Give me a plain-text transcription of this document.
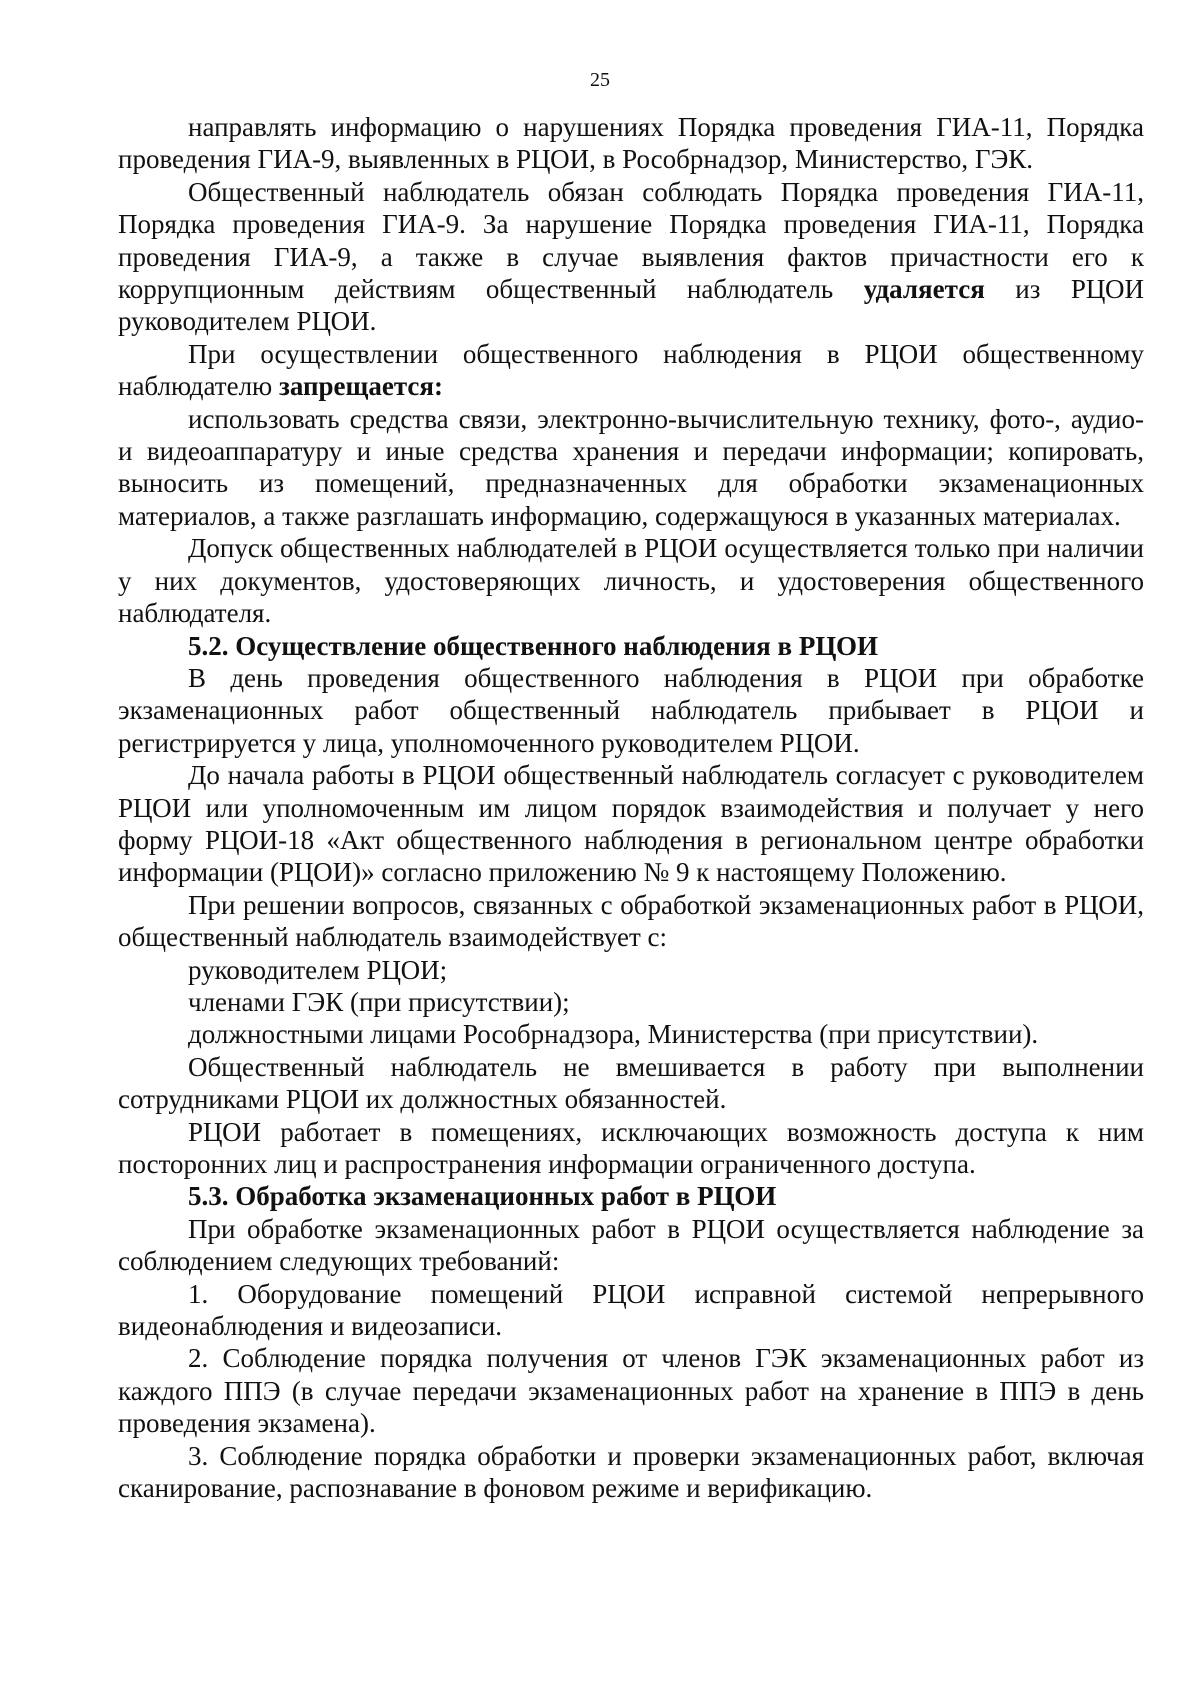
25

направлять информацию о нарушениях Порядка проведения ГИА-11, Порядка проведения ГИА-9, выявленных в РЦОИ, в Рособрнадзор, Министерство, ГЭК.

Общественный наблюдатель обязан соблюдать Порядка проведения ГИА-11, Порядка проведения ГИА-9. За нарушение Порядка проведения ГИА-11, Порядка проведения ГИА-9, а также в случае выявления фактов причастности его к коррупционным действиям общественный наблюдатель удаляется из РЦОИ руководителем РЦОИ.

При осуществлении общественного наблюдения в РЦОИ общественному наблюдателю запрещается:

использовать средства связи, электронно-вычислительную технику, фото-, аудио- и видеоаппаратуру и иные средства хранения и передачи информации; копировать, выносить из помещений, предназначенных для обработки экзаменационных материалов, а также разглашать информацию, содержащуюся в указанных материалах.

Допуск общественных наблюдателей в РЦОИ осуществляется только при наличии у них документов, удостоверяющих личность, и удостоверения общественного наблюдателя.

5.2. Осуществление общественного наблюдения в РЦОИ

В день проведения общественного наблюдения в РЦОИ при обработке экзаменационных работ общественный наблюдатель прибывает в РЦОИ и регистрируется у лица, уполномоченного руководителем РЦОИ.

До начала работы в РЦОИ общественный наблюдатель согласует с руководителем РЦОИ или уполномоченным им лицом порядок взаимодействия и получает у него форму РЦОИ-18 «Акт общественного наблюдения в региональном центре обработки информации (РЦОИ)» согласно приложению № 9 к настоящему Положению.

При решении вопросов, связанных с обработкой экзаменационных работ в РЦОИ, общественный наблюдатель взаимодействует с:

руководителем РЦОИ;

членами ГЭК (при присутствии);

должностными лицами Рособрнадзора, Министерства (при присутствии).

Общественный наблюдатель не вмешивается в работу при выполнении сотрудниками РЦОИ их должностных обязанностей.

РЦОИ работает в помещениях, исключающих возможность доступа к ним посторонних лиц и распространения информации ограниченного доступа.

5.3. Обработка экзаменационных работ в РЦОИ

При обработке экзаменационных работ в РЦОИ осуществляется наблюдение за соблюдением следующих требований:

1. Оборудование помещений РЦОИ исправной системой непрерывного видеонаблюдения и видеозаписи.

2. Соблюдение порядка получения от членов ГЭК экзаменационных работ из каждого ППЭ (в случае передачи экзаменационных работ на хранение в ППЭ в день проведения экзамена).

3. Соблюдение порядка обработки и проверки экзаменационных работ, включая сканирование, распознавание в фоновом режиме и верификацию.
